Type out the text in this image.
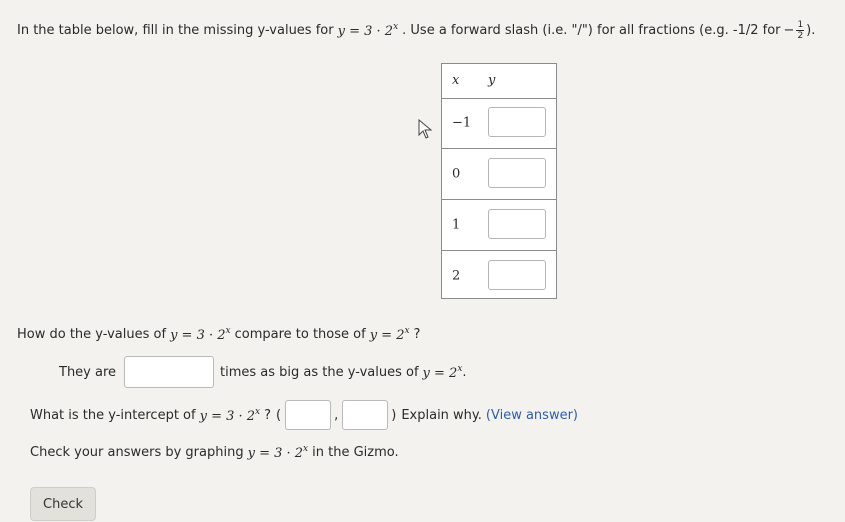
In the table below, fill in the missing y-values for $y = 3 \cdot 2^x$ . Use a forward slash (i.e. "/") for all fractions (e.g. -1/2 for − $\frac{1}{2}$ ).
x y
−1
0
1
2
How do the y-values of $y = 3 \cdot 2^x$ compare to those of $y = 2^x$ ?
They are	times as big as the y-values of $y = 2^x$ .
What is the y-intercept of $y = 3 \cdot 2^x$ ? (	,	) Explain why. (View answer)
Check your answers by graphing $y = 3 \cdot 2^x$ in the Gizmo.
Check
